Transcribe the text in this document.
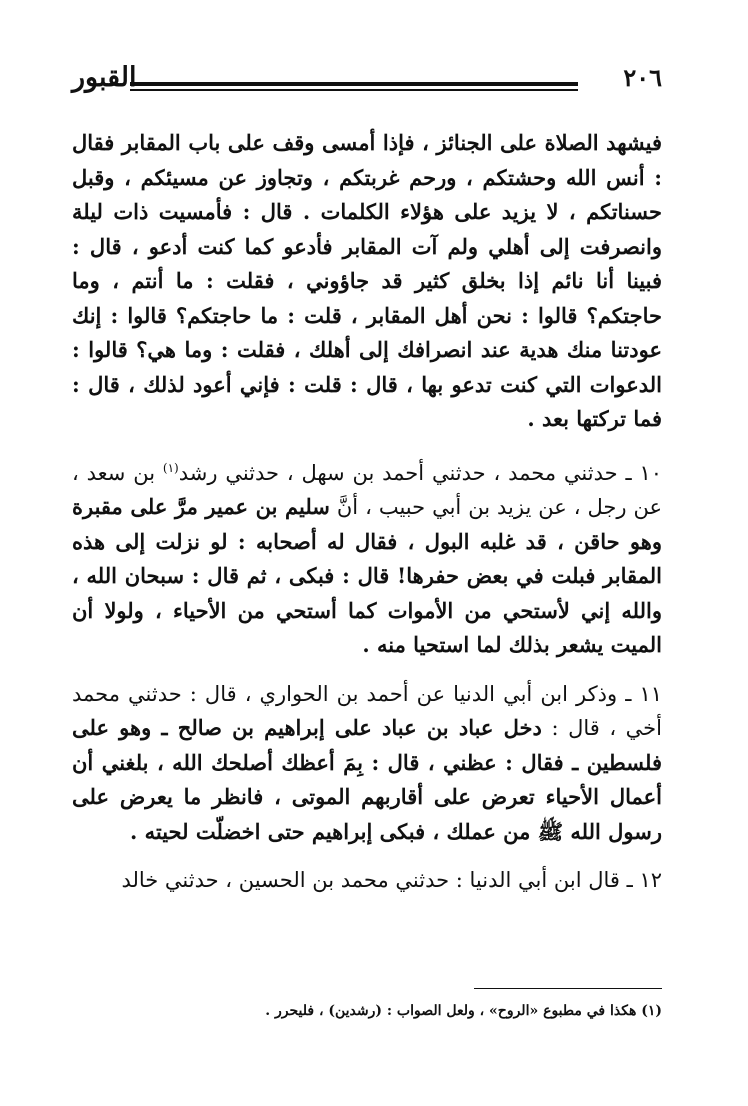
٢٠٦
القبور

فيشهد الصلاة على الجنائز ، فإذا أمسى وقف على باب المقابر فقال : أنس الله وحشتكم ، ورحم غربتكم ، وتجاوز عن مسيئكم ، وقبل حسناتكم ، لا يزيد على هؤلاء الكلمات . قال : فأمسيت ذات ليلة وانصرفت إلى أهلي ولم آت المقابر فأدعو كما كنت أدعو ، قال : فبينا أنا نائم إذا بخلق كثير قد جاؤوني ، فقلت : ما أنتم ، وما حاجتكم؟ قالوا : نحن أهل المقابر ، قلت : ما حاجتكم؟ قالوا : إنك عودتنا منك هدية عند انصرافك إلى أهلك ، فقلت : وما هي؟ قالوا : الدعوات التي كنت تدعو بها ، قال : قلت : فإني أعود لذلك ، قال : فما تركتها بعد .

١٠ ـ حدثني محمد ، حدثني أحمد بن سهل ، حدثني رشد$^{(١)}$ بن سعد ، عن رجل ، عن يزيد بن أبي حبيب ، أنَّ سليم بن عمير مرَّ على مقبرة وهو حاقن ، قد غلبه البول ، فقال له أصحابه : لو نزلت إلى هذه المقابر فبلت في بعض حفرها! قال : فبكى ، ثم قال : سبحان الله ، والله إني لأستحي من الأموات كما أستحي من الأحياء ، ولولا أن الميت يشعر بذلك لما استحيا منه .

١١ ـ وذكر ابن أبي الدنيا عن أحمد بن الحواري ، قال : حدثني محمد أخي ، قال : دخل عباد بن عباد على إبراهيم بن صالح ـ وهو على فلسطين ـ فقال : عظني ، قال : بِمَ أعظك أصلحك الله ، بلغني أن أعمال الأحياء تعرض على أقاربهم الموتى ، فانظر ما يعرض على رسول الله ﷺ من عملك ، فبكى إبراهيم حتى اخضلّت لحيته .

١٢ ـ قال ابن أبي الدنيا : حدثني محمد بن الحسين ، حدثني خالد

(١) هكذا في مطبوع «الروح» ، ولعل الصواب : (رشدين) ، فليحرر .
